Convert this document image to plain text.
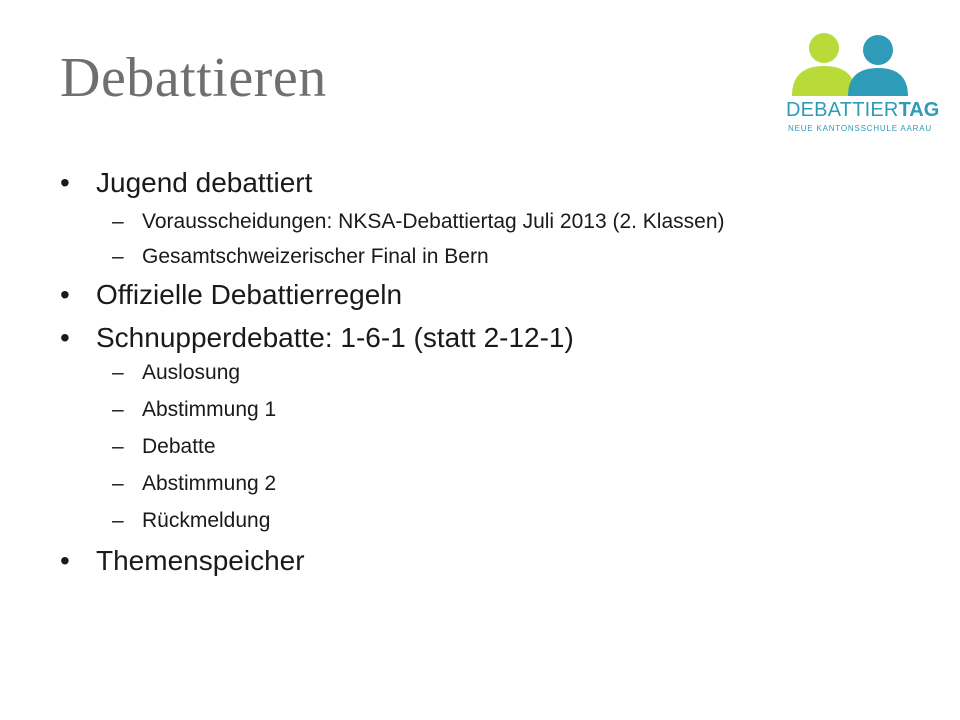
Debattieren
DEBATTIERTAG
NEUE KANTONSSCHULE AARAU
• Jugend debattiert
– Vorausscheidungen: NKSA-Debattiertag Juli 2013 (2. Klassen)
– Gesamtschweizerischer Final in Bern
• Offizielle Debattierregeln
• Schnupperdebatte: 1-6-1 (statt 2-12-1)
– Auslosung
– Abstimmung 1
– Debatte
– Abstimmung 2
– Rückmeldung
• Themenspeicher
